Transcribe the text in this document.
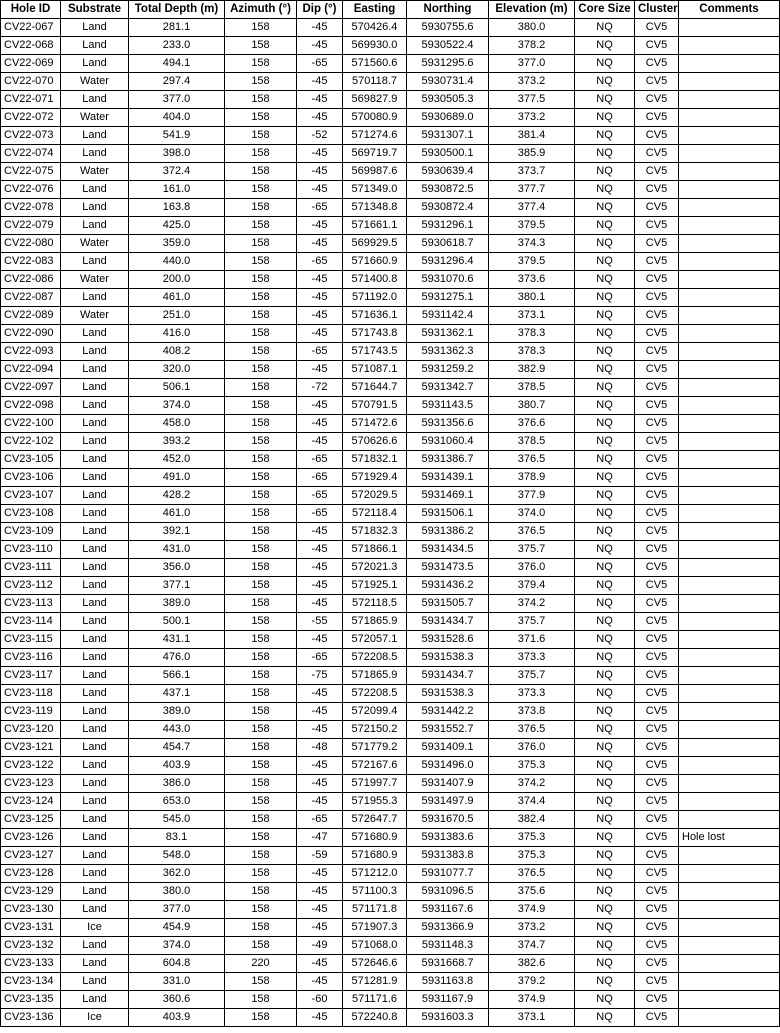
Hole ID	Substrate	Total Depth (m)	Azimuth (°)	Dip (°)	Easting	Northing	Elevation (m)	Core Size	Cluster	Comments
CV22-067	Land	281.1	158	-45	570426.4	5930755.6	380.0	NQ	CV5	
CV22-068	Land	233.0	158	-45	569930.0	5930522.4	378.2	NQ	CV5	
CV22-069	Land	494.1	158	-65	571560.6	5931295.6	377.0	NQ	CV5	
CV22-070	Water	297.4	158	-45	570118.7	5930731.4	373.2	NQ	CV5	
CV22-071	Land	377.0	158	-45	569827.9	5930505.3	377.5	NQ	CV5	
CV22-072	Water	404.0	158	-45	570080.9	5930689.0	373.2	NQ	CV5	
CV22-073	Land	541.9	158	-52	571274.6	5931307.1	381.4	NQ	CV5	
CV22-074	Land	398.0	158	-45	569719.7	5930500.1	385.9	NQ	CV5	
CV22-075	Water	372.4	158	-45	569987.6	5930639.4	373.7	NQ	CV5	
CV22-076	Land	161.0	158	-45	571349.0	5930872.5	377.7	NQ	CV5	
CV22-078	Land	163.8	158	-65	571348.8	5930872.4	377.4	NQ	CV5	
CV22-079	Land	425.0	158	-45	571661.1	5931296.1	379.5	NQ	CV5	
CV22-080	Water	359.0	158	-45	569929.5	5930618.7	374.3	NQ	CV5	
CV22-083	Land	440.0	158	-65	571660.9	5931296.4	379.5	NQ	CV5	
CV22-086	Water	200.0	158	-45	571400.8	5931070.6	373.6	NQ	CV5	
CV22-087	Land	461.0	158	-45	571192.0	5931275.1	380.1	NQ	CV5	
CV22-089	Water	251.0	158	-45	571636.1	5931142.4	373.1	NQ	CV5	
CV22-090	Land	416.0	158	-45	571743.8	5931362.1	378.3	NQ	CV5	
CV22-093	Land	408.2	158	-65	571743.5	5931362.3	378.3	NQ	CV5	
CV22-094	Land	320.0	158	-45	571087.1	5931259.2	382.9	NQ	CV5	
CV22-097	Land	506.1	158	-72	571644.7	5931342.7	378.5	NQ	CV5	
CV22-098	Land	374.0	158	-45	570791.5	5931143.5	380.7	NQ	CV5	
CV22-100	Land	458.0	158	-45	571472.6	5931356.6	376.6	NQ	CV5	
CV22-102	Land	393.2	158	-45	570626.6	5931060.4	378.5	NQ	CV5	
CV23-105	Land	452.0	158	-65	571832.1	5931386.7	376.5	NQ	CV5	
CV23-106	Land	491.0	158	-65	571929.4	5931439.1	378.9	NQ	CV5	
CV23-107	Land	428.2	158	-65	572029.5	5931469.1	377.9	NQ	CV5	
CV23-108	Land	461.0	158	-65	572118.4	5931506.1	374.0	NQ	CV5	
CV23-109	Land	392.1	158	-45	571832.3	5931386.2	376.5	NQ	CV5	
CV23-110	Land	431.0	158	-45	571866.1	5931434.5	375.7	NQ	CV5	
CV23-111	Land	356.0	158	-45	572021.3	5931473.5	376.0	NQ	CV5	
CV23-112	Land	377.1	158	-45	571925.1	5931436.2	379.4	NQ	CV5	
CV23-113	Land	389.0	158	-45	572118.5	5931505.7	374.2	NQ	CV5	
CV23-114	Land	500.1	158	-55	571865.9	5931434.7	375.7	NQ	CV5	
CV23-115	Land	431.1	158	-45	572057.1	5931528.6	371.6	NQ	CV5	
CV23-116	Land	476.0	158	-65	572208.5	5931538.3	373.3	NQ	CV5	
CV23-117	Land	566.1	158	-75	571865.9	5931434.7	375.7	NQ	CV5	
CV23-118	Land	437.1	158	-45	572208.5	5931538.3	373.3	NQ	CV5	
CV23-119	Land	389.0	158	-45	572099.4	5931442.2	373.8	NQ	CV5	
CV23-120	Land	443.0	158	-45	572150.2	5931552.7	376.5	NQ	CV5	
CV23-121	Land	454.7	158	-48	571779.2	5931409.1	376.0	NQ	CV5	
CV23-122	Land	403.9	158	-45	572167.6	5931496.0	375.3	NQ	CV5	
CV23-123	Land	386.0	158	-45	571997.7	5931407.9	374.2	NQ	CV5	
CV23-124	Land	653.0	158	-45	571955.3	5931497.9	374.4	NQ	CV5	
CV23-125	Land	545.0	158	-65	572647.7	5931670.5	382.4	NQ	CV5	
CV23-126	Land	83.1	158	-47	571680.9	5931383.6	375.3	NQ	CV5	Hole lost
CV23-127	Land	548.0	158	-59	571680.9	5931383.8	375.3	NQ	CV5	
CV23-128	Land	362.0	158	-45	571212.0	5931077.7	376.5	NQ	CV5	
CV23-129	Land	380.0	158	-45	571100.3	5931096.5	375.6	NQ	CV5	
CV23-130	Land	377.0	158	-45	571171.8	5931167.6	374.9	NQ	CV5	
CV23-131	Ice	454.9	158	-45	571907.3	5931366.9	373.2	NQ	CV5	
CV23-132	Land	374.0	158	-49	571068.0	5931148.3	374.7	NQ	CV5	
CV23-133	Land	604.8	220	-45	572646.6	5931668.7	382.6	NQ	CV5	
CV23-134	Land	331.0	158	-45	571281.9	5931163.8	379.2	NQ	CV5	
CV23-135	Land	360.6	158	-60	571171.6	5931167.9	374.9	NQ	CV5	
CV23-136	Ice	403.9	158	-45	572240.8	5931603.3	373.1	NQ	CV5	
